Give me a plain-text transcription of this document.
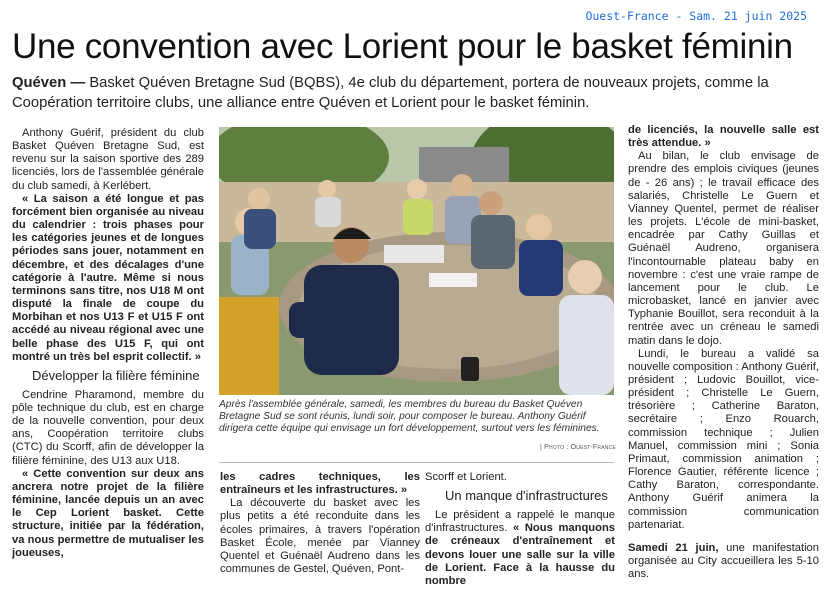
Ouest-France - Sam. 21 juin 2025
Une convention avec Lorient pour le basket féminin
Quéven — Basket Quéven Bretagne Sud (BQBS), 4e club du département, portera de nouveaux projets, comme la Coopération territoire clubs, une alliance entre Quéven et Lorient pour le basket féminin.

Anthony Guérif, président du club Basket Quéven Bretagne Sud, est revenu sur la saison sportive des 289 licenciés, lors de l'assemblée générale du club samedi, à Kerlébert.

« La saison a été longue et pas forcément bien organisée au niveau du calendrier : trois phases pour les catégories jeunes et de longues périodes sans jouer, notamment en décembre, et des décalages d'une catégorie à l'autre. Même si nous terminons sans titre, nos U18 M ont disputé la finale de coupe du Morbihan et nos U13 F et U15 F ont accédé au niveau régional avec une belle phase des U15 F, qui ont montré un très bel esprit collectif. »

Développer la filière féminine

Cendrine Pharamond, membre du pôle technique du club, est en charge de la nouvelle convention, pour deux ans, Coopération territoire clubs (CTC) du Scorff, afin de développer la filière féminine, des U13 aux U18.

« Cette convention sur deux ans ancrera notre projet de la filière féminine, lancée depuis un an avec le Cep Lorient basket. Cette structure, initiée par la fédération, va nous permettre de mutualiser les joueuses,

Après l'assemblée générale, samedi, les membres du bureau du Basket Quéven Bretagne Sud se sont réunis, lundi soir, pour composer le bureau. Anthony Guérif dirigera cette équipe qui envisage un fort développement, surtout vers les féminines.
| Photo : Ouest-France

les cadres techniques, les entraîneurs et les infrastructures. »

La découverte du basket avec les plus petits a été reconduite dans les écoles primaires, à travers l'opération Basket École, menée par Vianney Quentel et Guénaël Audreno dans les communes de Gestel, Quéven, Pont-

Scorff et Lorient.

Un manque d'infrastructures

Le président a rappelé le manque d'infrastructures. « Nous manquons de créneaux d'entraînement et devons louer une salle sur la ville de Lorient. Face à la hausse du nombre

de licenciés, la nouvelle salle est très attendue. »

Au bilan, le club envisage de prendre des emplois civiques (jeunes de - 26 ans) ; le travail efficace des salariés, Christelle Le Guern et Vianney Quentel, permet de réaliser les projets. L'école de mini-basket, encadrée par Cathy Guillas et Guénaël Audreno, organisera l'incontournable plateau baby en novembre : c'est une vraie rampe de lancement pour le club. Le microbasket, lancé en janvier avec Typhanie Bouillot, sera reconduit à la rentrée avec un créneau le samedi matin dans le dojo.

Lundi, le bureau a validé sa nouvelle composition : Anthony Guérif, président ; Ludovic Bouillot, vice-président ; Christelle Le Guern, trésorière ; Catherine Baraton, secrétaire ; Enzo Rouarch, commission technique ; Julien Manuel, commission mini ; Sonia Primaut, commission animation ; Florence Gautier, référente licence ; Cathy Baraton, correspondante. Anthony Guérif animera la commission communication partenariat.

Samedi 21 juin, une manifestation organisée au City accueillera les 5-10 ans.
